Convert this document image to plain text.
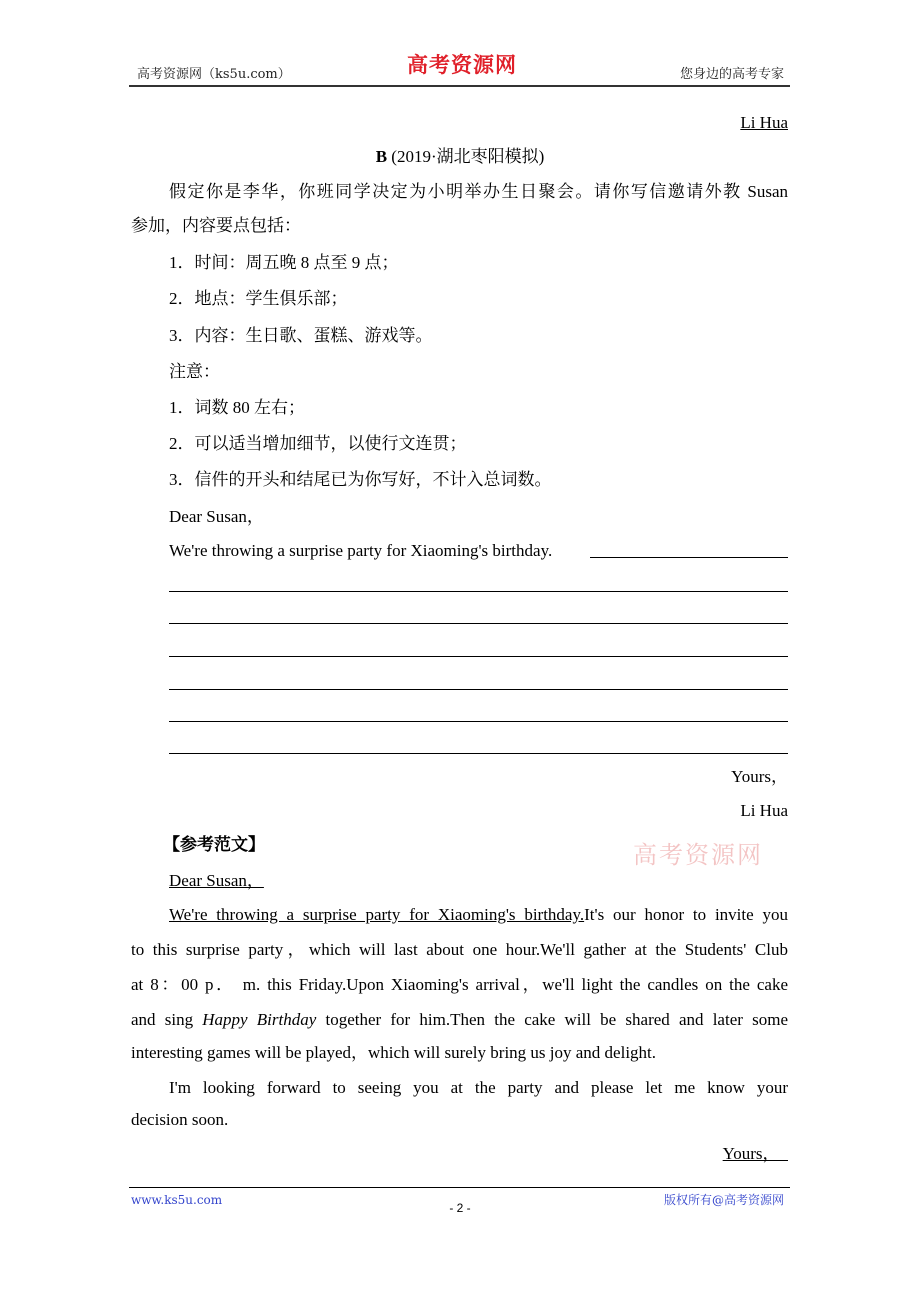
高考资源网（ks5u.com）	高考资源网	您身边的高考专家
Li Hua
B (2019·湖北枣阳模拟)
假定你是李华，你班同学决定为小明举办生日聚会。请你写信邀请外教 Susan
参加，内容要点包括：
1．时间：周五晚 8 点至 9 点；
2．地点：学生俱乐部；
3．内容：生日歌、蛋糕、游戏等。
注意：
1．词数 80 左右；
2．可以适当增加细节，以使行文连贯；
3．信件的开头和结尾已为你写好，不计入总词数。
Dear Susan，
We're throwing a surprise party for Xiaoming's birthday.
Yours，
Li Hua
【参考范文】	高考资源网
Dear Susan，
We're throwing a surprise party for Xiaoming's birthday.It's our honor to invite you
to this surprise party，which will last about one hour.We'll gather at the Students' Club
at 8：00 p． m. this Friday.Upon Xiaoming's arrival，we'll light the candles on the cake
and sing Happy Birthday together for him.Then the cake will be shared and later some
interesting games will be played，which will surely bring us joy and delight.
I'm looking forward to seeing you at the party and please let me know your
decision soon.
Yours，
www.ks5u.com
- 2 -
版权所有@高考资源网
